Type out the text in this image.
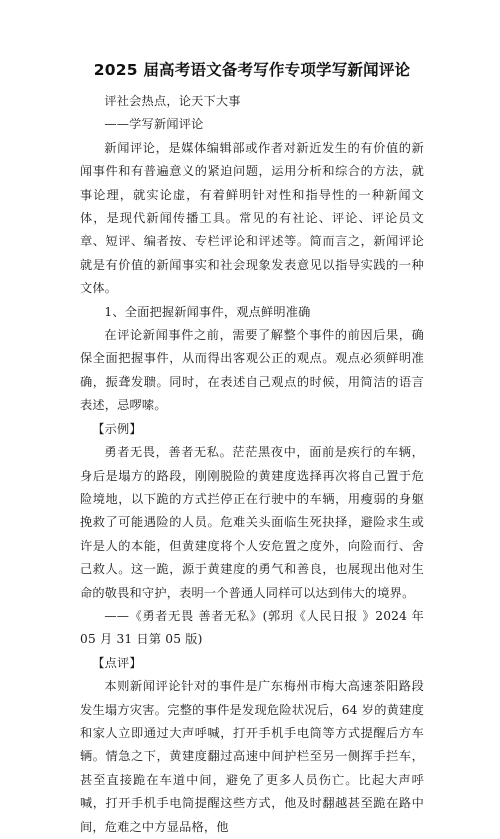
2025 届高考语文备考写作专项学写新闻评论

评社会热点，论天下大事

——学写新闻评论

新闻评论，是媒体编辑部或作者对新近发生的有价值的新闻事件和有普遍意义的紧迫问题，运用分析和综合的方法，就事论理，就实论虚，有着鲜明针对性和指导性的一种新闻文体，是现代新闻传播工具。常见的有社论、评论、评论员文章、短评、编者按、专栏评论和评述等。简而言之，新闻评论就是有价值的新闻事实和社会现象发表意见以指导实践的一种文体。

1、全面把握新闻事件，观点鲜明准确

在评论新闻事件之前，需要了解整个事件的前因后果，确保全面把握事件，从而得出客观公正的观点。观点必须鲜明准确，振聋发聩。同时，在表述自己观点的时候，用简洁的语言表述，忌啰嗦。

【示例】

勇者无畏，善者无私。茫茫黑夜中，面前是疾行的车辆，身后是塌方的路段，刚刚脱险的黄建度选择再次将自己置于危险境地，以下跪的方式拦停正在行驶中的车辆，用瘦弱的身躯挽救了可能遇险的人员。危难关头面临生死抉择，避险求生或许是人的本能，但黄建度将个人安危置之度外，向险而行、舍己救人。这一跪，源于黄建度的勇气和善良，也展现出他对生命的敬畏和守护，表明一个普通人同样可以达到伟大的境界。

——《勇者无畏 善者无私》(郭玥《人民日报 》2024 年 05 月 31 日第 05 版)

【点评】

本则新闻评论针对的事件是广东梅州市梅大高速茶阳路段发生塌方灾害。完整的事件是发现危险状况后，64 岁的黄建度和家人立即通过大声呼喊，打开手机手电筒等方式提醒后方车辆。情急之下，黄建度翻过高速中间护栏至另一侧挥手拦车，甚至直接跪在车道中间，避免了更多人员伤亡。比起大声呼喊，打开手机手电筒提醒这些方式，他及时翻越甚至跪在路中间，危难之中方显品格，他
